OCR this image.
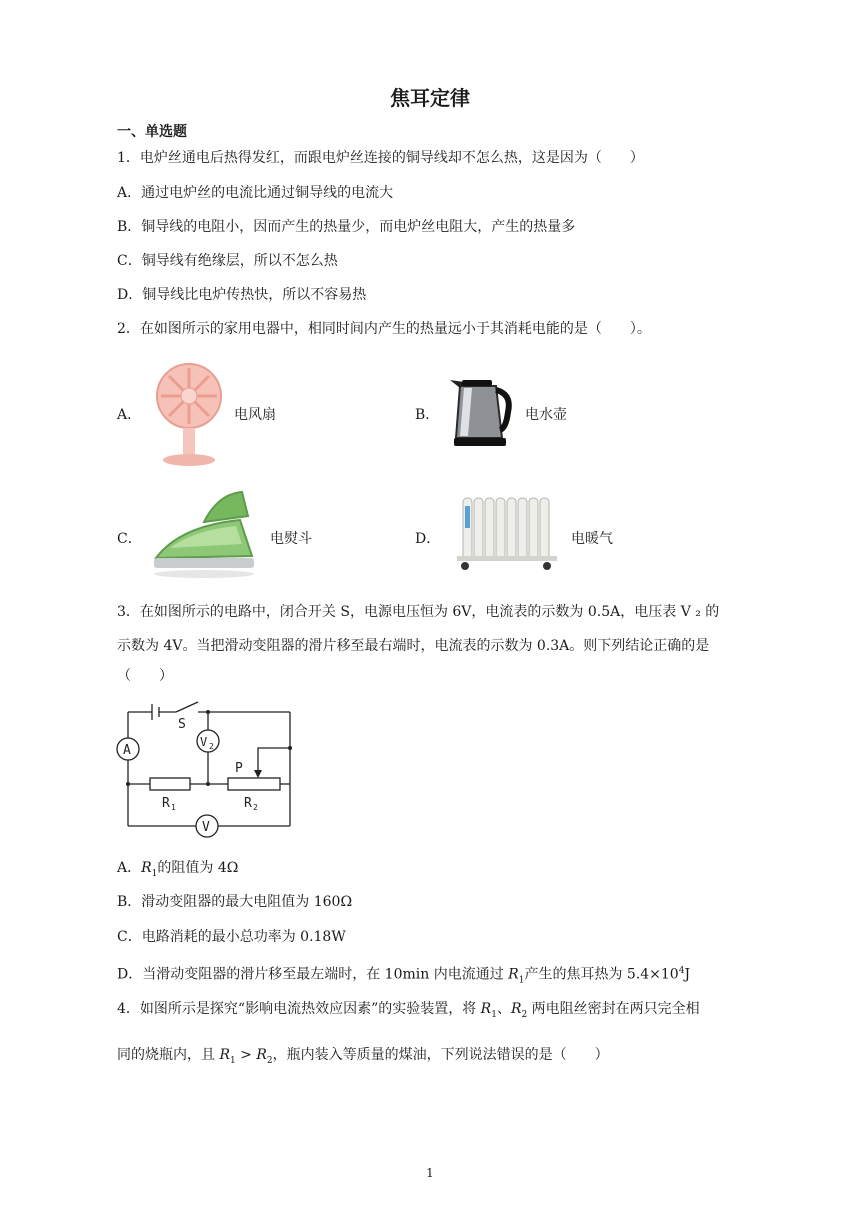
焦耳定律
一、单选题
1．电炉丝通电后热得发红，而跟电炉丝连接的铜导线却不怎么热，这是因为（　　）
A．通过电炉丝的电流比通过铜导线的电流大
B．铜导线的电阻小，因而产生的热量少，而电炉丝电阻大，产生的热量多
C．铜导线有绝缘层，所以不怎么热
D．铜导线比电炉传热快，所以不容易热
2．在如图所示的家用电器中，相同时间内产生的热量远小于其消耗电能的是（　　）。
A．	电风扇	B．	电水壶
C．	电熨斗	D．	电暖气
3．在如图所示的电路中，闭合开关 S，电源电压恒为 6V，电流表的示数为 0.5A，电压表 V ₂ 的
示数为 4V。当把滑动变阻器的滑片移至最右端时，电流表的示数为 0.3A。则下列结论正确的是
（　　）
A
S
V 2
P
R 1	R 2
V
A．$R_1$的阻值为 4Ω
B．滑动变阻器的最大电阻值为 160Ω
C．电路消耗的最小总功率为 0.18W
D．当滑动变阻器的滑片移至最左端时，在 10min 内电流通过 $R_1$产生的焦耳热为 $5.4\times 10^4J$
4．如图所示是探究“影响电流热效应因素”的实验装置，将 $R_1$、$R_2$ 两电阻丝密封在两只完全相
同的烧瓶内，且 $R_1 > R_2$，瓶内装入等质量的煤油，下列说法错误的是（　　）
1
